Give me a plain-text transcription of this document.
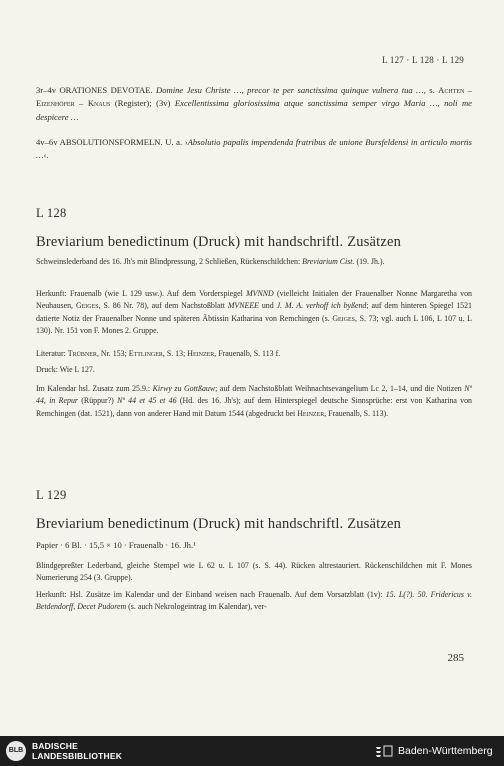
L 127 · L 128 · L 129
3r–4v ORATIONES DEVOTAE. Domine Jesu Christe …, precor te per sanctissima quinque vulnera tua …, s. Achten – Eizenhöfer – Knaus (Register); (3v) Excellentissima gloriosissima atque sanctissima semper virgo Maria …, noli me despicere …
4v–6v ABSOLUTIONSFORMELN. U. a. ›Absolutio papalis impendenda fratribus de unione Bursfeldensi in articulo mortis …‹.
L 128
Breviarium benedictinum (Druck) mit handschriftl. Zusätzen
Schweinslederband des 16. Jh's mit Blindpressung, 2 Schließen, Rückenschildchen: Breviarium Cist. (19. Jh.).
Herkunft: Frauenalb (wie L 129 usw.). Auf dem Vorderspiegel MVNND (vielleicht Initialen der Frauenalber Nonne Margaretha von Neuhausen, Geiges, S. 86 Nr. 78), auf dem Nachstoßblatt MVNEEE und J. M. A. verhoff ich byßend; auf dem hinteren Spiegel 1521 datierte Notiz der Frauenalber Nonne und späteren Äbtissin Katharina von Remchingen (s. Geiges, S. 73; vgl. auch L 106, L 107 u. L 130). Nr. 151 von F. Mones 2. Gruppe.
Literatur: Trübner, Nr. 153; Ettlinger, S. 13; Heinzer, Frauenalb, S. 113 f.
Druck: Wie L 127.
Im Kalendar hsl. Zusatz zum 25.9.: Kirwy zu Gottßauw; auf dem Nachstoßblatt Weihnachtsevangelium Lc 2, 1–14, und die Notizen Nº 44, in Repur (Rüppur?) Nº 44 et 45 et 46 (Hd. des 16. Jh's); auf dem Hinterspiegel deutsche Sinnsprüche: erst von Katharina von Remchingen (dat. 1521), dann von anderer Hand mit Datum 1544 (abgedruckt bei Heinzer, Frauenalb, S. 113).
L 129
Breviarium benedictinum (Druck) mit handschriftl. Zusätzen
Papier · 6 Bl. · 15,5 × 10 · Frauenalb · 16. Jh.¹
Blindgepreßter Lederband, gleiche Stempel wie L 62 u. L 107 (s. S. 44). Rücken altrestauriert. Rückenschildchen mit F. Mones Numerierung 254 (3. Gruppe).
Herkunft: Hsl. Zusätze im Kalendar und der Einband weisen nach Frauenalb. Auf dem Vorsatzblatt (1v): 15. L(?). 50. Fridericus v. Betdendorff, Decet Pudorem (s. auch Nekrologeintrag im Kalendar), ver-
285
BLB	BADISCHE
LANDESBIBLIOTHEK	Baden-Württemberg
